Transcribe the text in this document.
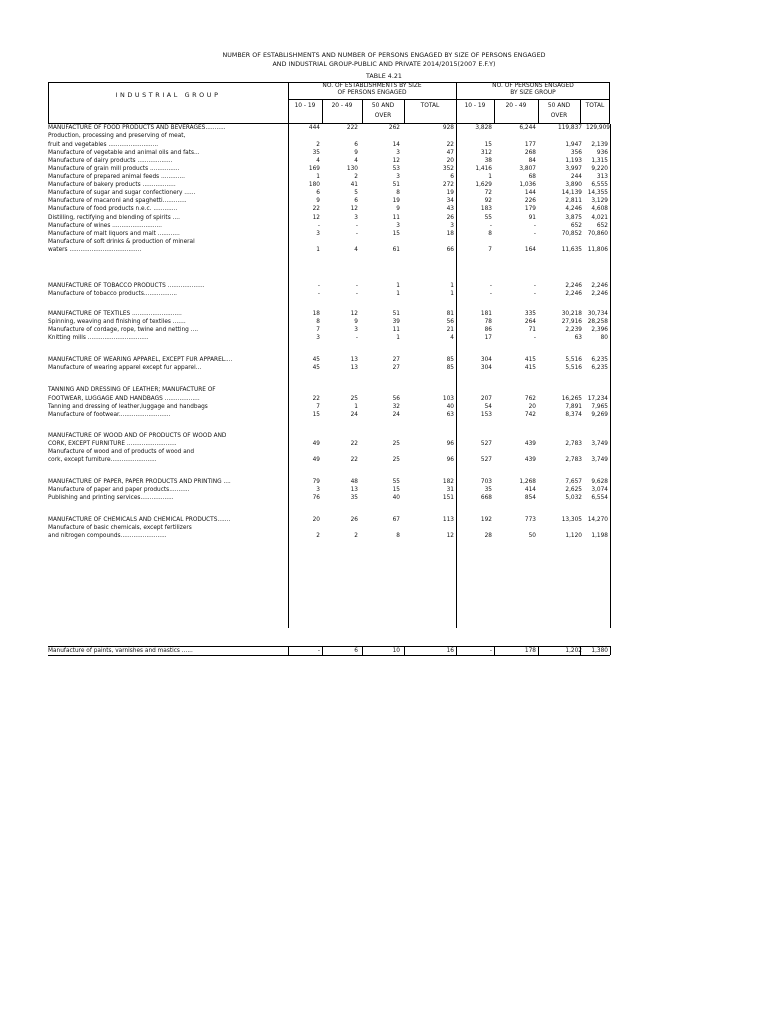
NUMBER OF ESTABLISHMENTS AND NUMBER OF PERSONS ENGAGED BY SIZE OF PERSONS ENGAGED
AND INDUSTRIAL GROUP-PUBLIC AND PRIVATE 2014/2015(2007 E.F.Y)
TABLE 4.21
INDUSTRIAL GROUP
NO. OF ESTABLISHMENTS BY SIZE
OF PERSONS ENGAGED
NO. OF PERSONS ENGAGED
BY SIZE GROUP
10 - 19	20 - 49	50 AND
OVER
TOTAL	10 - 19	20 - 49	50 AND
OVER
TOTAL
MANUFACTURE OF FOOD PRODUCTS AND BEVERAGES...........	444	222	262	928	3,828	6,244	119,837 129,909
Production, processing and preserving of meat,
fruit and vegetables ...........................	2	6	14	22	15	177	1,947	2,139
Manufacture of vegetable and animal oils and fats...	35	9	3	47	312	268	356	936
Manufacture of dairy products ...................	4	4	12	20	38	84	1,193	1,315
Manufacture of grain mill products ................	169	130	53	352	1,416	3,807	3,997	9,220
Manufacture of prepared animal feeds .............	1	2	3	6	1	68	244	313
Manufacture of bakery products ..................	180	41	51	272	1,629	1,036	3,890	6,555
Manufacture of sugar and sugar confectionery ......	6	5	8	19	72	144	14,139 14,355
Manufacture of macaroni and spaghetti.............	9	6	19	34	92	226	2,811	3,129
Manufacture of food products n.e.c. .............	22	12	9	43	183	179	4,246	4,608
Distilling, rectifying and blending of spirits ....	12	3	11	26	55	91	3,875	4,021
Manufacture of wines ...........................	-	-	3	3	-	-	652	652
Manufacture of malt liquors and malt ............	3	-	15	18	8	-	70,852 70,860
Manufacture of soft drinks & production of mineral
waters .......................................	1	4	61	66	7	164	11,635 11,806
MANUFACTURE OF TOBACCO PRODUCTS ....................	-	-	1	1	-	-	2,246	2,246
Manufacture of tobacco products..................	-	-	1	1	-	-	2,246	2,246
MANUFACTURE OF TEXTILES ...........................	18	12	51	81	181	335	30,218 30,734
Spinning, weaving and finishing of textiles .......	8	9	39	56	78	264	27,916 28,258
Manufacture of cordage, rope, twine and netting ....	7	3	11	21	86	71	2,239	2,396
Knitting mills .................................	3	-	1	4	17	-	63	80
MANUFACTURE OF WEARING APPAREL, EXCEPT FUR APPAREL....	45	13	27	85	304	415	5,516	6,235
Manufacture of wearing apparel except fur apparel...	45	13	27	85	304	415	5,516	6,235
TANNING AND DRESSING OF LEATHER; MANUFACTURE OF
FOOTWEAR, LUGGAGE AND HANDBAGS ...................	22	25	56	103	207	762	16,265 17,234
Tanning and dressing of leather,luggage and handbags	7	1	32	40	54	20	7,891	7,965
Manufacture of footwear............................	15	24	24	63	153	742	8,374	9,269
MANUFACTURE OF WOOD AND OF PRODUCTS OF WOOD AND
CORK, EXCEPT FURNITURE ...........................	49	22	25	96	527	439	2,783	3,749
Manufacture of wood and of products of wood and
cork, except furniture.........................	49	22	25	96	527	439	2,783	3,749
MANUFACTURE OF PAPER, PAPER PRODUCTS AND PRINTING ....	79	48	55	182	703	1,268	7,657	9,628
Manufacture of paper and paper products...........	3	13	15	31	35	414	2,625	3,074
Publishing and printing services..................	76	35	40	151	668	854	5,032	6,554
MANUFACTURE OF CHEMICALS AND CHEMICAL PRODUCTS.......	20	26	67	113	192	773	13,305 14,270
Manufacture of basic chemicals, except fertilizers
and nitrogen compounds.........................	2	2	8	12	28	50	1,120	1,198
Manufacture of paints, varnishes and mastics ......	-	6	10	16	-	178	1,202	1,380
